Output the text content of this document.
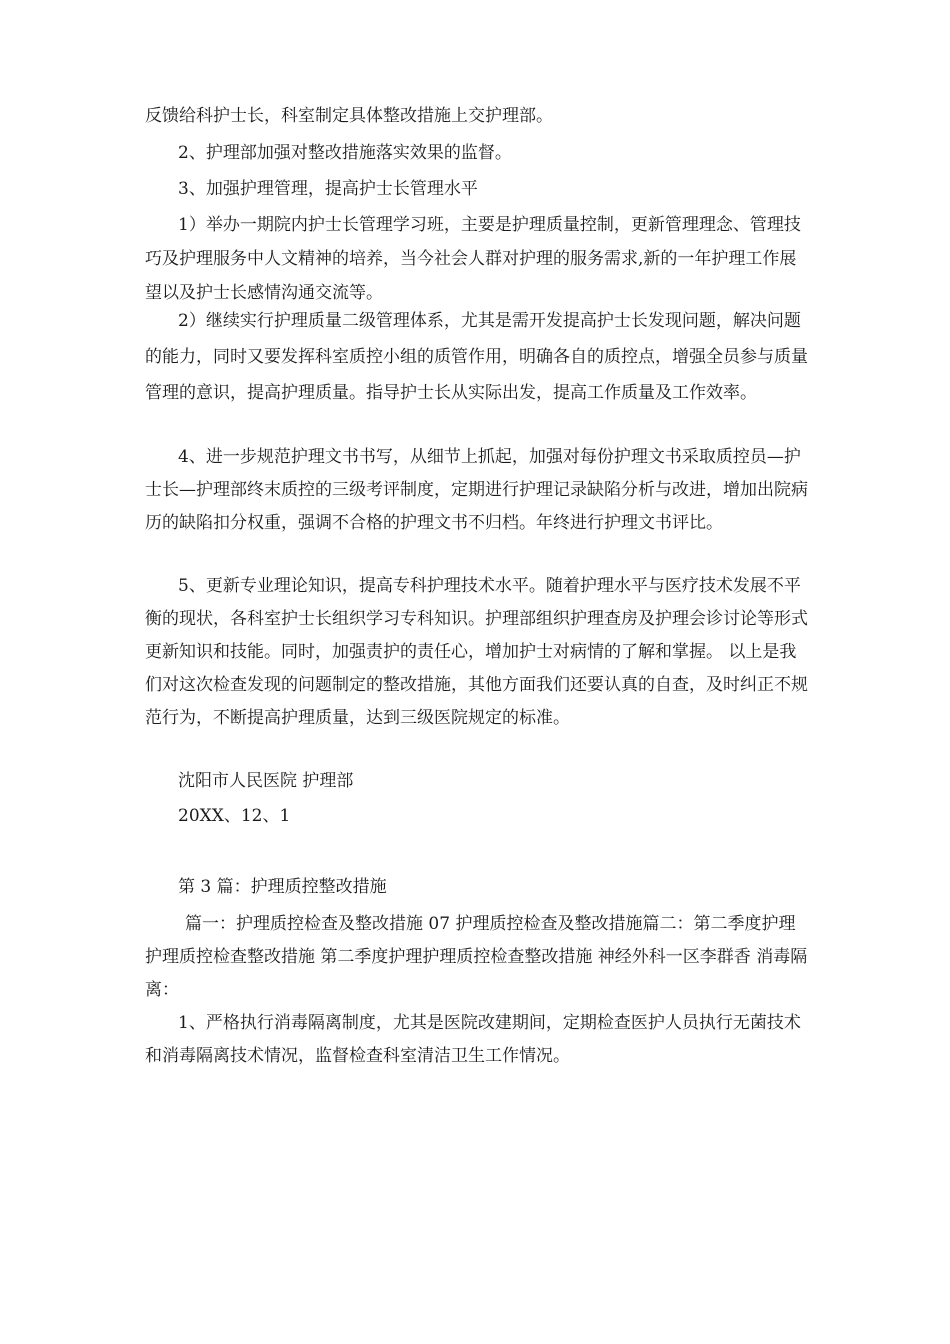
反馈给科护士长，科室制定具体整改措施上交护理部。
2、护理部加强对整改措施落实效果的监督。
3、加强护理管理，提高护士长管理水平
1）举办一期院内护士长管理学习班，主要是护理质量控制，更新管理理念、管理技巧及护理服务中人文精神的培养，当今社会人群对护理的服务需求,新的一年护理工作展望以及护士长感情沟通交流等。
2）继续实行护理质量二级管理体系，尤其是需开发提高护士长发现问题，解决问题的能力，同时又要发挥科室质控小组的质管作用，明确各自的质控点，增强全员参与质量管理的意识，提高护理质量。指导护士长从实际出发，提高工作质量及工作效率。
4、进一步规范护理文书书写，从细节上抓起，加强对每份护理文书采取质控员—护士长—护理部终末质控的三级考评制度，定期进行护理记录缺陷分析与改进，增加出院病历的缺陷扣分权重，强调不合格的护理文书不归档。年终进行护理文书评比。
5、更新专业理论知识，提高专科护理技术水平。随着护理水平与医疗技术发展不平衡的现状，各科室护士长组织学习专科知识。护理部组织护理查房及护理会诊讨论等形式更新知识和技能。同时，加强责护的责任心，增加护士对病情的了解和掌握。 以上是我们对这次检查发现的问题制定的整改措施，其他方面我们还要认真的自查，及时纠正不规范行为，不断提高护理质量，达到三级医院规定的标准。
沈阳市人民医院 护理部
20XX、12、1
第 3 篇：护理质控整改措施
篇一：护理质控检查及整改措施 07 护理质控检查及整改措施篇二：第二季度护理护理质控检查整改措施 第二季度护理护理质控检查整改措施 神经外科一区李群香 消毒隔离：
1、严格执行消毒隔离制度，尤其是医院改建期间，定期检查医护人员执行无菌技术和消毒隔离技术情况，监督检查科室清洁卫生工作情况。
